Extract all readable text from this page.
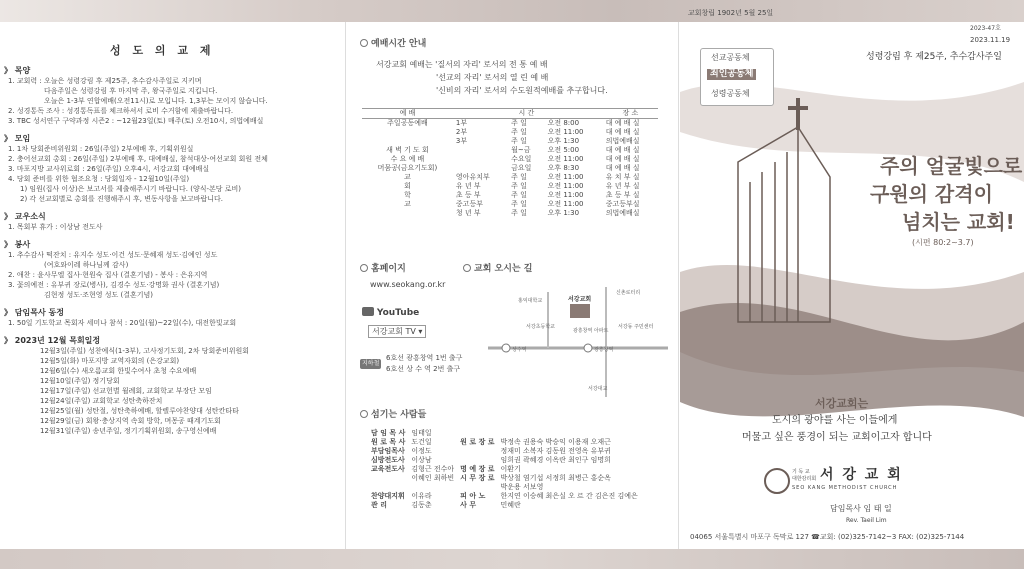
성 도 의 교 제
》 목양
1. 교회력 : 오늘은 성령강림 후 제25주, 추수감사주일로 지키며
다음주일은 성령강림 후 마지막 주, 왕국주일로 지킵니다.
오늘은 1-3부 연합예배(오전11시)로 모입니다. 1,3부는 모이지 않습니다.
2. 성경통독 조사 : 성경통독표를 체크하셔서 로비 수거함에 제출바랍니다.
3. TBC 성서연구 구약과정 시즌2 : ~12월23일(토) 매주(토) 오전10시, 의법예배실
》 모임
1. 1차 당회준비위원회 : 26일(주일) 2부예배 후, 기획위원실
2. 충어선교회 총회 : 26일(주일) 2부예배 후, 대예배실, 참석대상-여선교회 회원 전체
3. 마포지방 교사위로회 : 26일(주일) 오후4시, 서강교회 대예배실
4. 당회 준비를 위한 협조요청 : 당회일자 - 12월10일(주일)
1) 임원(집사 이상)은 보고서를 제출해주시기 바랍니다. (양식-본당 로비)
2) 각 선교회별로 총회를 진행해주시 후, 변동사항을 보고바랍니다.
》 교우소식
1. 목회부 휴가 : 이상남 전도사
》 봉사
1. 추수감사 떡잔치 : 유지수 성도·이건 성도·문혜재 성도·김예인 성도
(여호와이레 하나님께 감사)
2. 애찬 : 윤사무엘 집사·현원숙 집사 (결혼기념) - 봉사 : 은유지역
3. 꽃의예전 : 유부귀 장로(병사), 김경수 성도·강명화 권사 (결혼기념)
김현정 성도·조현영 성도 (결혼기념)
》 담임목사 동정
1. 50일 기도학교 목회자 세미나 참석 : 20일(월)~22일(수), 대전한빛교회
》 2023년 12월 목회일정
12월3일(주일) 성찬예식(1-3부), 고사정기도회, 2차 당회준비위원회
12월5일(화) 마포지방 교역자회의 (은강교회)
12월6일(수) 새오름교회 한빛수여사 초청 수요예배
12월10일(주일) 정기당회
12월17일(주일) 선교헌별 월례회, 교회학교 부장단 모임
12월24일(주일) 교회학교 성탄축하잔치
12월25일(월) 성탄절, 성탄축하예배, 할렐루야찬양대 성탄칸타타
12월29일(금) 회왕·충상지역 속회 방학, 며몽공 때계기도회
12월31일(주일) 송년주일, 정기기획위원회, 송구영신예배
예배시간 안내
서강교회 예배는 '질서의 자리' 로서의 전 통 예 배
'선교의 자리' 로서의 열 린 예 배
'신비의 자리' 로서의 수도원적예배를 추구합니다.
예 배		시 간		장 소
주일공동예배	1부	주 일	오전 8:00	대 예 배 실
	2부	주 일	오전 11:00	대 예 배 실
	3부	주 일	오후 1:30	의법예배실
새 벽 기 도 회		월~금	오전 5:00	대 예 배 실
수 요 예 배		수요일	오전 11:00	대 예 배 실
머뭄공(금요기도회)		금요일	오후 8:30	대 예 배 실
교	영아유치부	주 일	오전 11:00	유 치 부 실
회	유 년 부	주 일	오전 11:00	유 년 부 실
학	초 등 부	주 일	오전 11:00	초 등 부 실
교	중고등부	주 일	오전 11:00	중고등부실
	청 년 부	주 일	오후 1:30	의법예배실
홈페이지
www.seokang.or.kr
교회 오시는 길
YouTube
서강교회 TV ▾
지하철
6호선 광흥창역 1번 출구
6호선 상 수 역 2번 출구
신촌로터리
홍익대학교	서강교회
서강초등학교
광흥창역 아파트
서강동 주민센터
상수역	광흥창역
서강대교
섬기는 사람들
담 임 목 사	임태일		
원 로 목 사	도건일	원 로 장 로	박정속 권용숙 박승익 이용재 오재근
부담임목사	이정도		정재미 소복자 김동원 전영옥 유부귀
심방전도사	이상남		임희권 곽혜경 이옥란 최인구 임명희
교육전도사	김형근 전수아	명 예 장 로	이환기
	이혜인 최하빈	시 무 장 로	박상철 염기섭 서정희 최병근 홍순옥
			박운용 서보영
찬양대지휘	이유라	피 아 노	한지연 이승혜 최은실 오 르 간 김은진 김예은
관 리	김동춘	사 무	민혜란
교회창립 1902년 5월 25일
2023-47호
2023.11.19
성령강림 후 제25주, 추수감사주일
선교공동체
죄인공동체
성령공동체
주의 얼굴빛으로
구원의 감격이
넘치는 교회!
(시편 80:2~3.7)
서강교회는
도시의 광야를 사는 이들에게
머물고 싶은 풍경이 되는 교회이고자 합니다
기 독 교
대한감리회 서 강 교 회
SEO KANG METHODIST CHURCH
담임목사 임 태 일
Rev. Taeil Lim
04065 서울특별시 마포구 독막로 127 ☎교회: (02)325-7142~3 FAX: (02)325-7144
